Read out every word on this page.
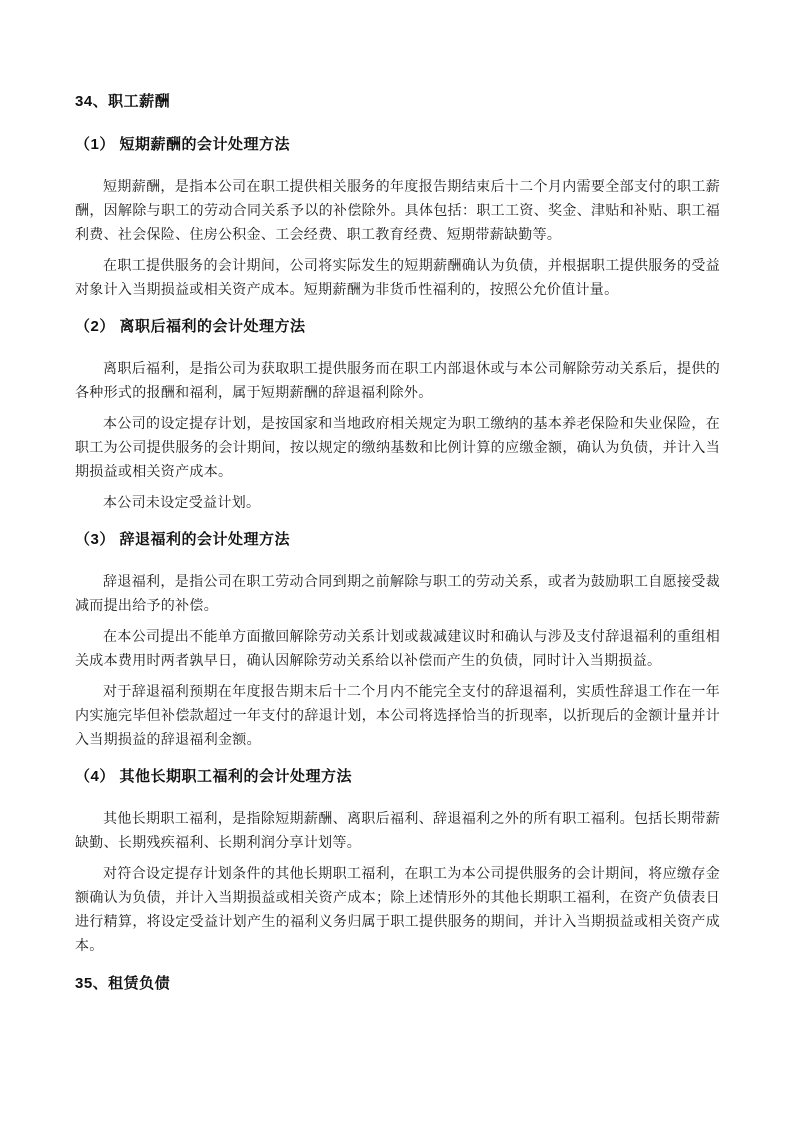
34、职工薪酬
（1） 短期薪酬的会计处理方法

短期薪酬，是指本公司在职工提供相关服务的年度报告期结束后十二个月内需要全部支付的职工薪酬，因解除与职工的劳动合同关系予以的补偿除外。具体包括：职工工资、奖金、津贴和补贴、职工福利费、社会保险、住房公积金、工会经费、职工教育经费、短期带薪缺勤等。

在职工提供服务的会计期间，公司将实际发生的短期薪酬确认为负债，并根据职工提供服务的受益对象计入当期损益或相关资产成本。短期薪酬为非货币性福利的，按照公允价值计量。

（2） 离职后福利的会计处理方法

离职后福利，是指公司为获取职工提供服务而在职工内部退休或与本公司解除劳动关系后，提供的各种形式的报酬和福利，属于短期薪酬的辞退福利除外。

本公司的设定提存计划，是按国家和当地政府相关规定为职工缴纳的基本养老保险和失业保险，在职工为公司提供服务的会计期间，按以规定的缴纳基数和比例计算的应缴金额，确认为负债，并计入当期损益或相关资产成本。

本公司未设定受益计划。

（3） 辞退福利的会计处理方法

辞退福利，是指公司在职工劳动合同到期之前解除与职工的劳动关系，或者为鼓励职工自愿接受裁减而提出给予的补偿。

在本公司提出不能单方面撤回解除劳动关系计划或裁减建议时和确认与涉及支付辞退福利的重组相关成本费用时两者孰早日，确认因解除劳动关系给以补偿而产生的负债，同时计入当期损益。

对于辞退福利预期在年度报告期末后十二个月内不能完全支付的辞退福利，实质性辞退工作在一年内实施完毕但补偿款超过一年支付的辞退计划，本公司将选择恰当的折现率，以折现后的金额计量并计入当期损益的辞退福利金额。

（4） 其他长期职工福利的会计处理方法

其他长期职工福利，是指除短期薪酬、离职后福利、辞退福利之外的所有职工福利。包括长期带薪缺勤、长期残疾福利、长期利润分享计划等。

对符合设定提存计划条件的其他长期职工福利，在职工为本公司提供服务的会计期间，将应缴存金额确认为负债，并计入当期损益或相关资产成本；除上述情形外的其他长期职工福利，在资产负债表日进行精算，将设定受益计划产生的福利义务归属于职工提供服务的期间，并计入当期损益或相关资产成本。

35、租赁负债
